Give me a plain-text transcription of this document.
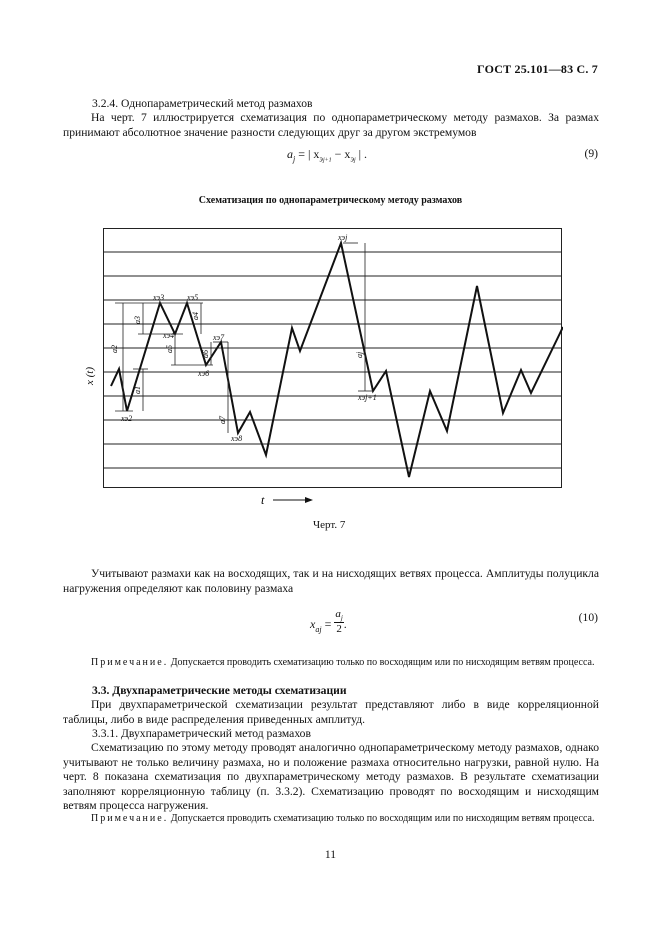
ГОСТ 25.101—83 С. 7
3.2.4. Однопараметрический метод размахов
На черт. 7 иллюстрируется схематизация по однопараметрическому методу размахов. За размах принимают абсолютное значение разности следующих друг за другом экстремумов
$a_j$ = | $x_{эj+1} - x_{эj}$ | .	(9)
Схематизация по однопараметрическому методу размахов
xэ2
xэ3
xэ4
xэ5
xэ6
xэ7
xэ8
xэj
xэj+1
a1
a2
a3	a4
a5
a6
a7
aj
t
x (t)
Черт. 7
Учитывают размахи как на восходящих, так и на нисходящих ветвях процесса. Амплитуды полуцикла нагружения определяют как половину размаха
$x_{aj} = \frac{a_j}{2}$ .	(10)
Примечание. Допускается проводить схематизацию только по восходящим или по нисходящим ветвям процесса.
3.3. Двухпараметрические методы схематизации
При двухпараметрической схематизации результат представляют либо в виде корреляционной таблицы, либо в виде распределения приведенных амплитуд.
3.3.1. Двухпараметрический метод размахов
Схематизацию по этому методу проводят аналогично однопараметрическому методу размахов, однако учитывают не только величину размаха, но и положение размаха относительно нагрузки, равной нулю. На черт. 8 показана схематизация по двухпараметрическому методу размахов. В результате схематизации заполняют корреляционную таблицу (п. 3.3.2). Схематизацию проводят по восходящим и нисходящим ветвям процесса нагружения.
Примечание. Допускается проводить схематизацию только по восходящим или по нисходящим ветвям процесса.
11
